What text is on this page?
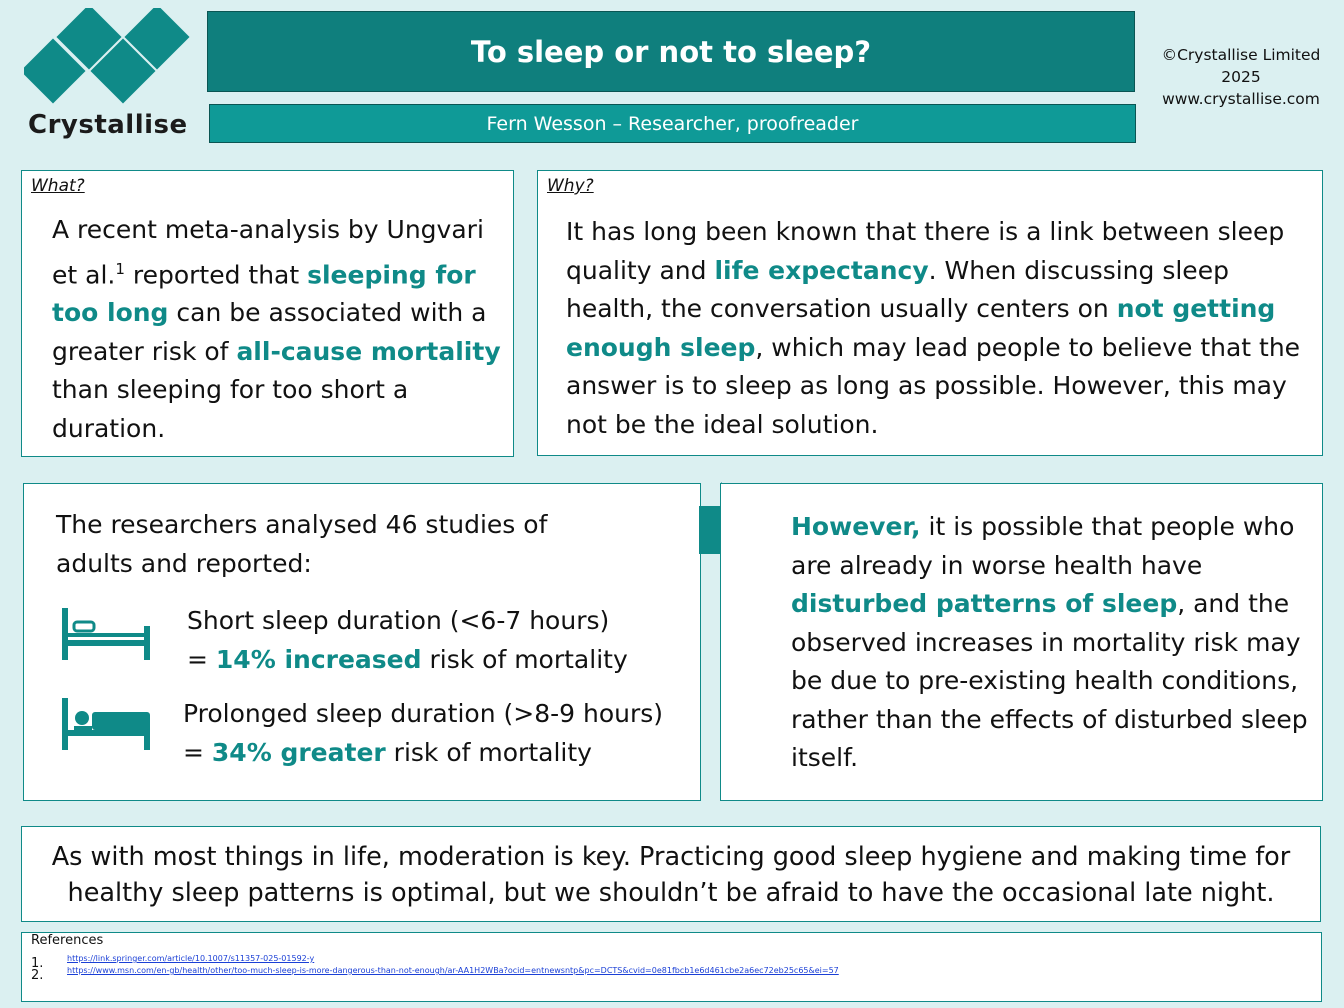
Crystallise
To sleep or not to sleep?
Fern Wesson – Researcher, proofreader
©Crystallise Limited
2025
www.crystallise.com
What?
A recent meta-analysis by Ungvari et al.$^1$ reported that sleeping for too long can be associated with a greater risk of all-cause mortality than sleeping for too short a duration.
Why?
It has long been known that there is a link between sleep quality and life expectancy. When discussing sleep health, the conversation usually centers on not getting enough sleep, which may lead people to believe that the answer is to sleep as long as possible. However, this may not be the ideal solution.
The researchers analysed 46 studies of adults and reported:
Short sleep duration (<6-7 hours)
= 14% increased risk of mortality
Prolonged sleep duration (>8-9 hours)
= 34% greater risk of mortality
However, it is possible that people who are already in worse health have disturbed patterns of sleep, and the observed increases in mortality risk may be due to pre-existing health conditions, rather than the effects of disturbed sleep itself.
As with most things in life, moderation is key. Practicing good sleep hygiene and making time for healthy sleep patterns is optimal, but we shouldn’t be afraid to have the occasional late night.
References
1.	https://link.springer.com/article/10.1007/s11357-025-01592-y
2.	https://www.msn.com/en-gb/health/other/too-much-sleep-is-more-dangerous-than-not-enough/ar-AA1H2WBa?ocid=entnewsntp&pc=DCTS&cvid=0e81fbcb1e6d461cbe2a6ec72eb25c65&ei=57
